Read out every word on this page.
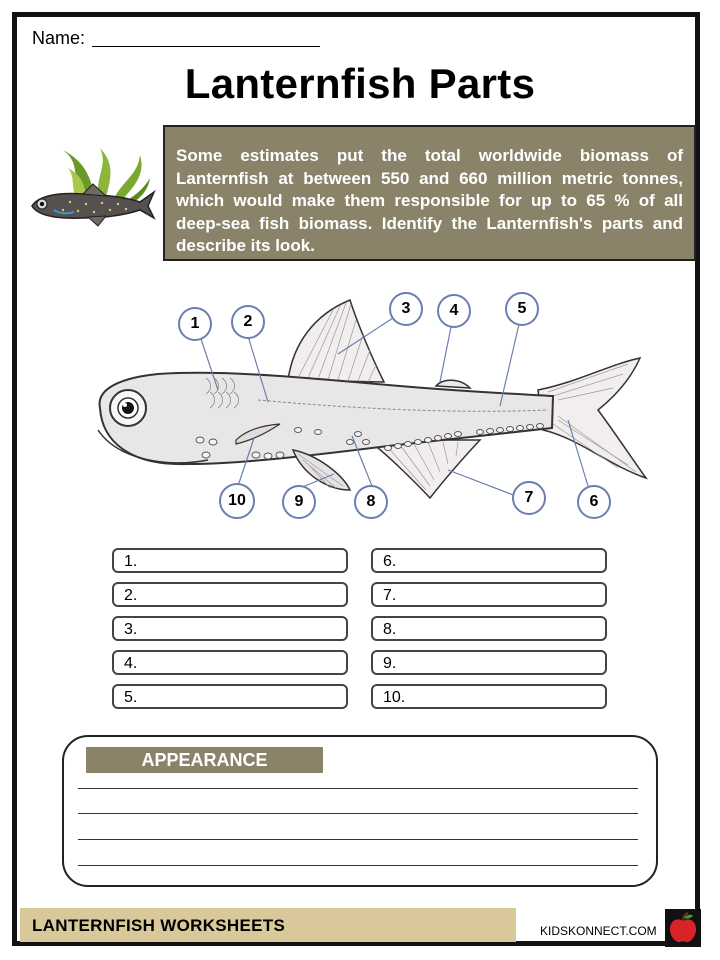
Name:
Lanternfish Parts
Some estimates put the total worldwide biomass of Lanternfish at between 550 and 660 million metric tonnes, which would make them responsible for up to 65 % of all deep-sea fish biomass. Identify the Lanternfish's parts and describe its look.
1	2
3	4	5
6
7
8
9
10
1.
2.
3.
4.
5.
6.
7.
8.
9.
10.
APPEARANCE
LANTERNFISH WORKSHEETS	KIDSKONNECT.COM
